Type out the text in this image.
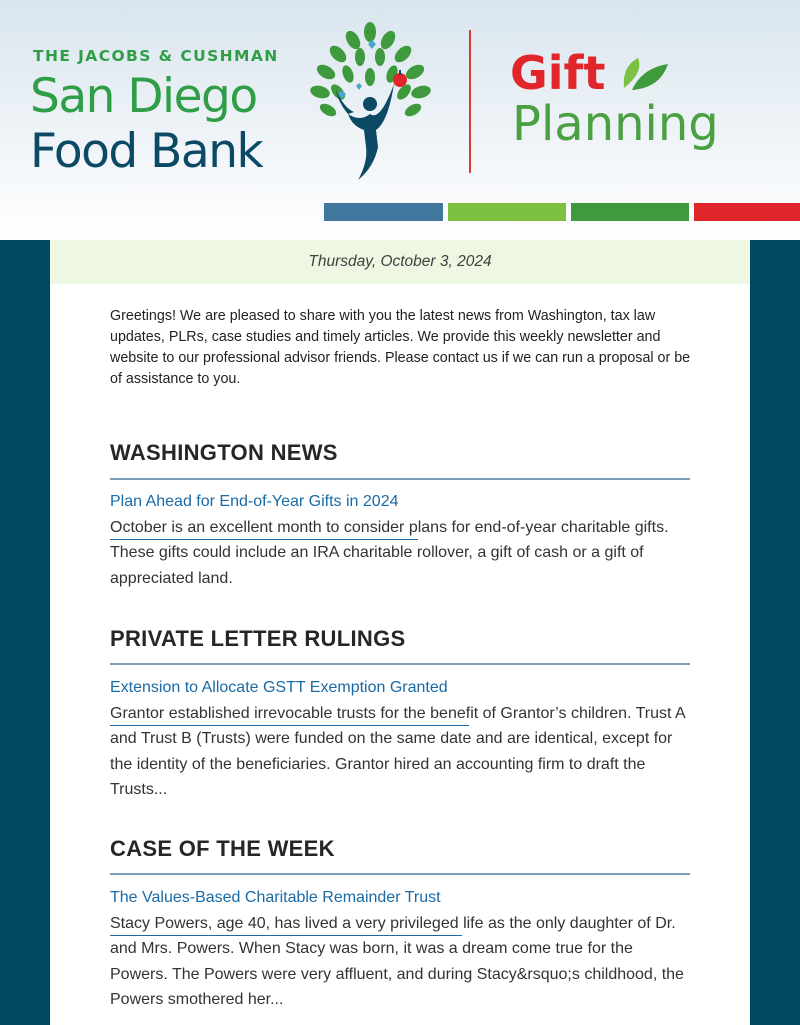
THE JACOBS & CUSHMAN
San Diego
Food Bank
Gift
Planning
Thursday, October 3, 2024
Greetings! We are pleased to share with you the latest news from Washington, tax law updates, PLRs, case studies and timely articles. We provide this weekly newsletter and website to our professional advisor friends. Please contact us if we can run a proposal or be of assistance to you.
WASHINGTON NEWS
Plan Ahead for End-of-Year Gifts in 2024
October is an excellent month to consider plans for end-of-year charitable gifts. These gifts could include an IRA charitable rollover, a gift of cash or a gift of appreciated land.
PRIVATE LETTER RULINGS
Extension to Allocate GSTT Exemption Granted
Grantor established irrevocable trusts for the benefit of Grantor’s children. Trust A and Trust B (Trusts) were funded on the same date and are identical, except for the identity of the beneficiaries. Grantor hired an accounting firm to draft the Trusts...
CASE OF THE WEEK
The Values-Based Charitable Remainder Trust
Stacy Powers, age 40, has lived a very privileged life as the only daughter of Dr. and Mrs. Powers. When Stacy was born, it was a dream come true for the Powers. The Powers were very affluent, and during Stacy&rsquo;s childhood, the Powers smothered her...
